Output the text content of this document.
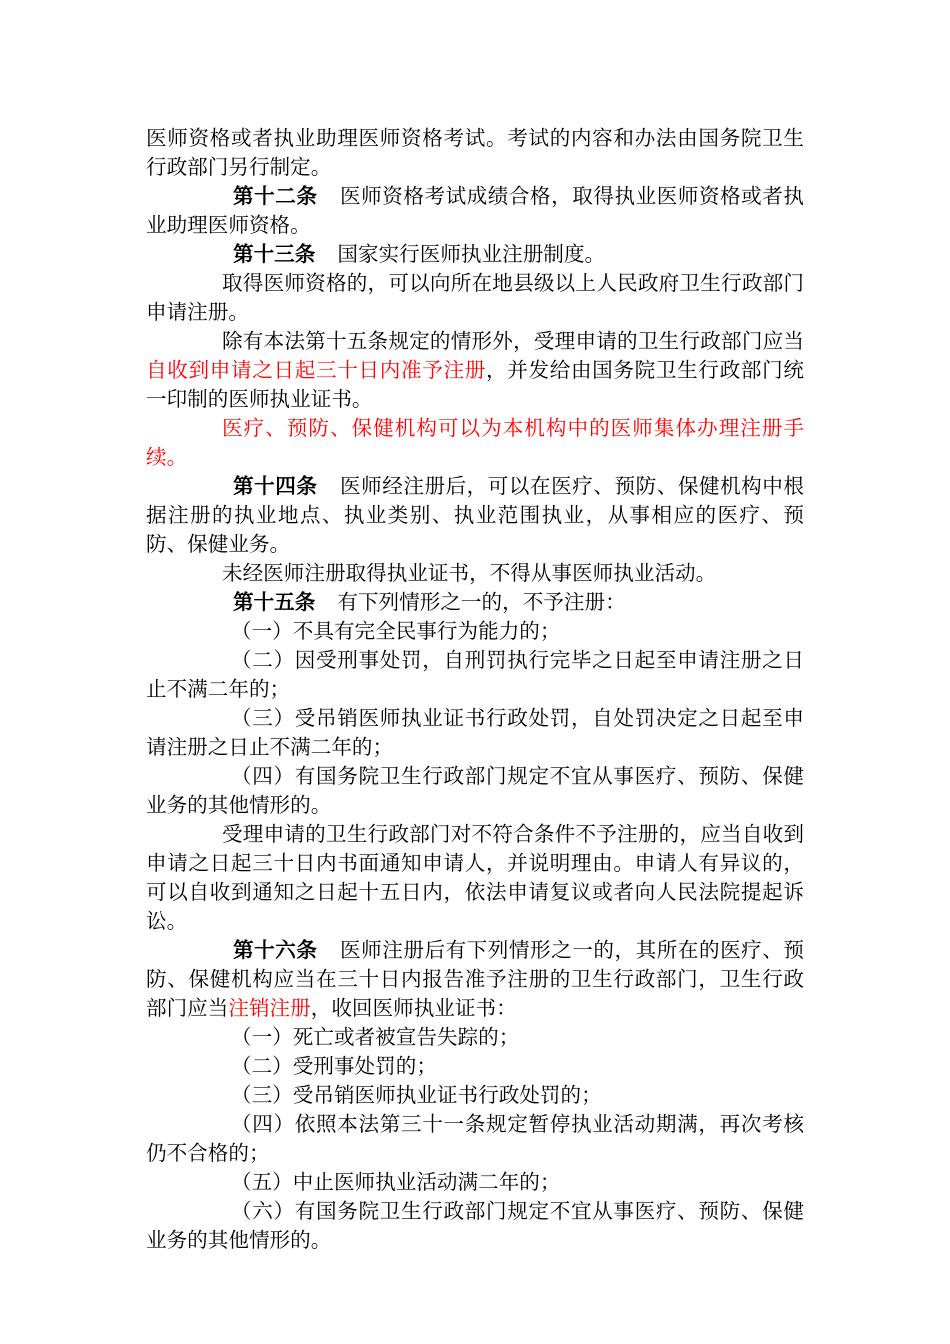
医师资格或者执业助理医师资格考试。考试的内容和办法由国务院卫生行政部门另行制定。

第十二条 医师资格考试成绩合格，取得执业医师资格或者执业助理医师资格。

第十三条 国家实行医师执业注册制度。

取得医师资格的，可以向所在地县级以上人民政府卫生行政部门申请注册。

除有本法第十五条规定的情形外，受理申请的卫生行政部门应当自收到申请之日起三十日内准予注册，并发给由国务院卫生行政部门统一印制的医师执业证书。

医疗、预防、保健机构可以为本机构中的医师集体办理注册手续。

第十四条 医师经注册后，可以在医疗、预防、保健机构中根据注册的执业地点、执业类别、执业范围执业，从事相应的医疗、预防、保健业务。

未经医师注册取得执业证书，不得从事医师执业活动。

第十五条 有下列情形之一的，不予注册：

（一）不具有完全民事行为能力的；

（二）因受刑事处罚，自刑罚执行完毕之日起至申请注册之日止不满二年的；

（三）受吊销医师执业证书行政处罚，自处罚决定之日起至申请注册之日止不满二年的；

（四）有国务院卫生行政部门规定不宜从事医疗、预防、保健业务的其他情形的。

受理申请的卫生行政部门对不符合条件不予注册的，应当自收到申请之日起三十日内书面通知申请人，并说明理由。申请人有异议的，可以自收到通知之日起十五日内，依法申请复议或者向人民法院提起诉讼。

第十六条 医师注册后有下列情形之一的，其所在的医疗、预防、保健机构应当在三十日内报告准予注册的卫生行政部门，卫生行政部门应当注销注册，收回医师执业证书：

（一）死亡或者被宣告失踪的；

（二）受刑事处罚的；

（三）受吊销医师执业证书行政处罚的；

（四）依照本法第三十一条规定暂停执业活动期满，再次考核仍不合格的；

（五）中止医师执业活动满二年的；

（六）有国务院卫生行政部门规定不宜从事医疗、预防、保健业务的其他情形的。
